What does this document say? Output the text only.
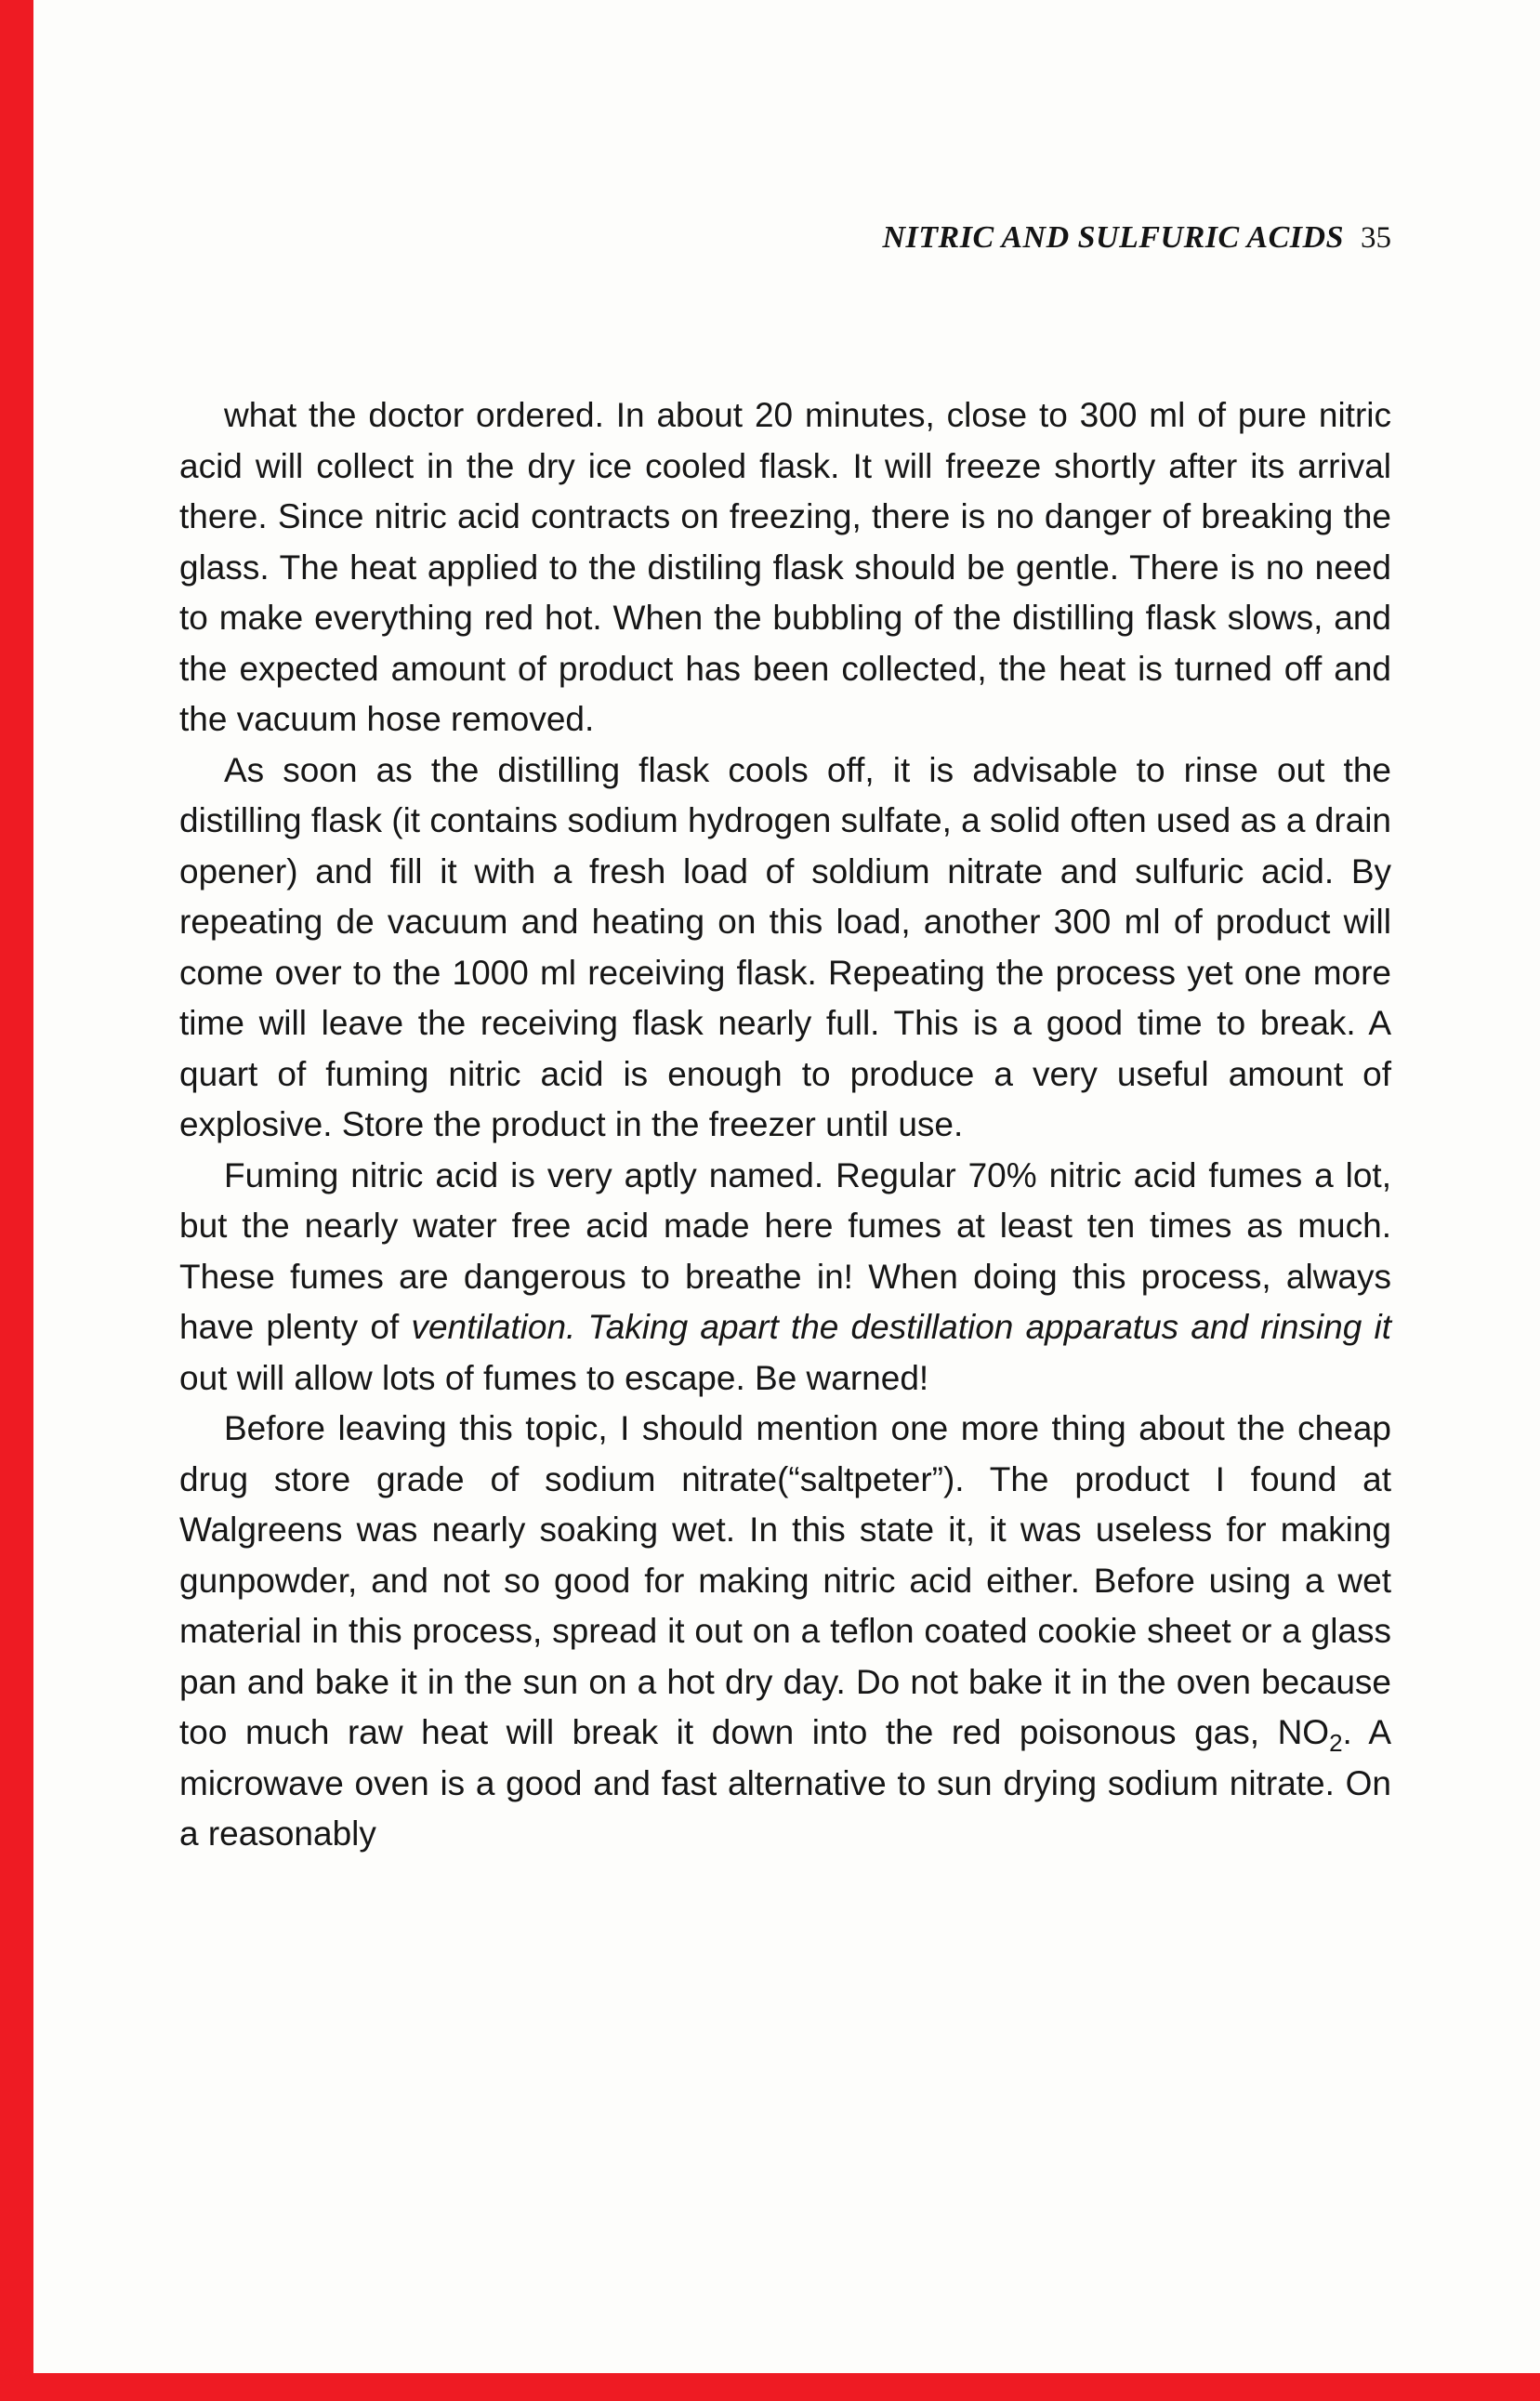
NITRIC AND SULFURIC ACIDS 35

what the doctor ordered. In about 20 minutes, close to 300 ml of pure nitric acid will collect in the dry ice cooled flask. It will freeze shortly after its arrival there. Since nitric acid contracts on freezing, there is no danger of breaking the glass. The heat applied to the distiling flask should be gentle. There is no need to make everything red hot. When the bubbling of the distilling flask slows, and the expected amount of product has been collected, the heat is turned off and the vacuum hose removed.

As soon as the distilling flask cools off, it is advisable to rinse out the distilling flask (it contains sodium hydrogen sulfate, a solid often used as a drain opener) and fill it with a fresh load of soldium nitrate and sulfuric acid. By repeating de vacuum and heating on this load, another 300 ml of product will come over to the 1000 ml receiving flask. Repeating the process yet one more time will leave the receiving flask nearly full. This is a good time to break. A quart of fuming nitric acid is enough to produce a very useful amount of explosive. Store the product in the freezer until use.

Fuming nitric acid is very aptly named. Regular 70% nitric acid fumes a lot, but the nearly water free acid made here fumes at least ten times as much. These fumes are dangerous to breathe in! When doing this process, always have plenty of ventilation. Taking apart the destillation apparatus and rinsing it out will allow lots of fumes to escape. Be warned!

Before leaving this topic, I should mention one more thing about the cheap drug store grade of sodium nitrate(“saltpeter”). The product I found at Walgreens was nearly soaking wet. In this state it, it was useless for making gunpowder, and not so good for making nitric acid either. Before using a wet material in this process, spread it out on a teflon coated cookie sheet or a glass pan and bake it in the sun on a hot dry day. Do not bake it in the oven because too much raw heat will break it down into the red poisonous gas, $NO_2$. A microwave oven is a good and fast alternative to sun drying sodium nitrate. On a reasonably
